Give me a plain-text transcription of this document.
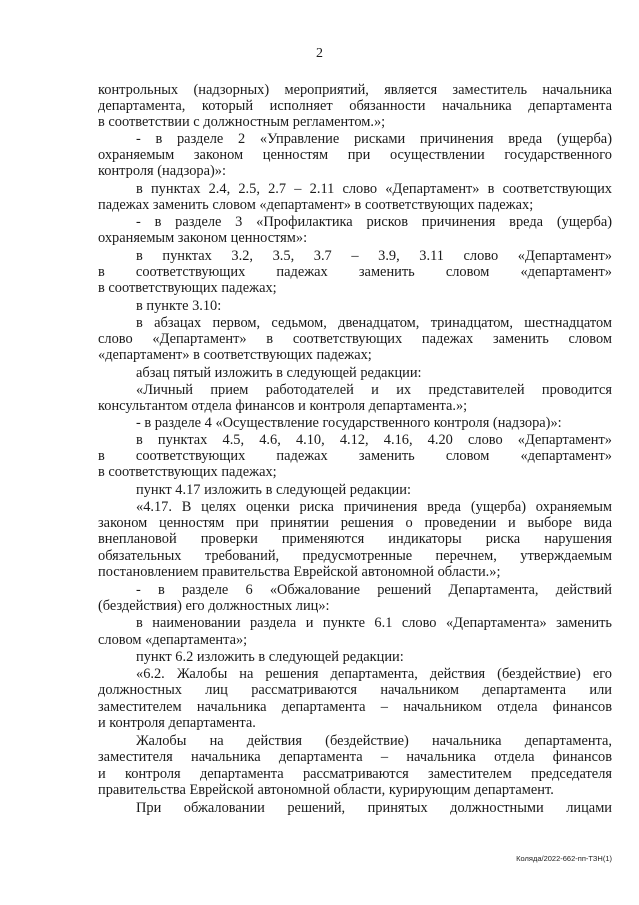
2
контрольных (надзорных) мероприятий, является заместитель начальника
департамента, который исполняет обязанности начальника департамента
в соответствии с должностным регламентом.»;
- в разделе 2 «Управление рисками причинения вреда (ущерба)
охраняемым законом ценностям при осуществлении государственного
контроля (надзора)»:
в пунктах 2.4, 2.5, 2.7 – 2.11 слово «Департамент» в соответствующих
падежах заменить словом «департамент» в соответствующих падежах;
- в разделе 3 «Профилактика рисков причинения вреда (ущерба)
охраняемым законом ценностям»:
в пунктах 3.2, 3.5, 3.7 – 3.9, 3.11 слово «Департамент»
в соответствующих падежах заменить словом «департамент»
в соответствующих падежах;
в пункте 3.10:
в абзацах первом, седьмом, двенадцатом, тринадцатом, шестнадцатом
слово «Департамент» в соответствующих падежах заменить словом
«департамент» в соответствующих падежах;
абзац пятый изложить в следующей редакции:
«Личный прием работодателей и их представителей проводится
консультантом отдела финансов и контроля департамента.»;
- в разделе 4 «Осуществление государственного контроля (надзора)»:
в пунктах 4.5, 4.6, 4.10, 4.12, 4.16, 4.20 слово «Департамент»
в соответствующих падежах заменить словом «департамент»
в соответствующих падежах;
пункт 4.17 изложить в следующей редакции:
«4.17. В целях оценки риска причинения вреда (ущерба) охраняемым
законом ценностям при принятии решения о проведении и выборе вида
внеплановой проверки применяются индикаторы риска нарушения
обязательных требований, предусмотренные перечнем, утверждаемым
постановлением правительства Еврейской автономной области.»;
- в разделе 6 «Обжалование решений Департамента, действий
(бездействия) его должностных лиц»:
в наименовании раздела и пункте 6.1 слово «Департамента» заменить
словом «департамента»;
пункт 6.2 изложить в следующей редакции:
«6.2. Жалобы на решения департамента, действия (бездействие) его
должностных лиц рассматриваются начальником департамента или
заместителем начальника департамента – начальником отдела финансов
и контроля департамента.
Жалобы на действия (бездействие) начальника департамента,
заместителя начальника департамента – начальника отдела финансов
и контроля департамента рассматриваются заместителем председателя
правительства Еврейской автономной области, курирующим департамент.
При обжаловании решений, принятых должностными лицами
Коляда/2022-662-пп-ТЗН(1)
